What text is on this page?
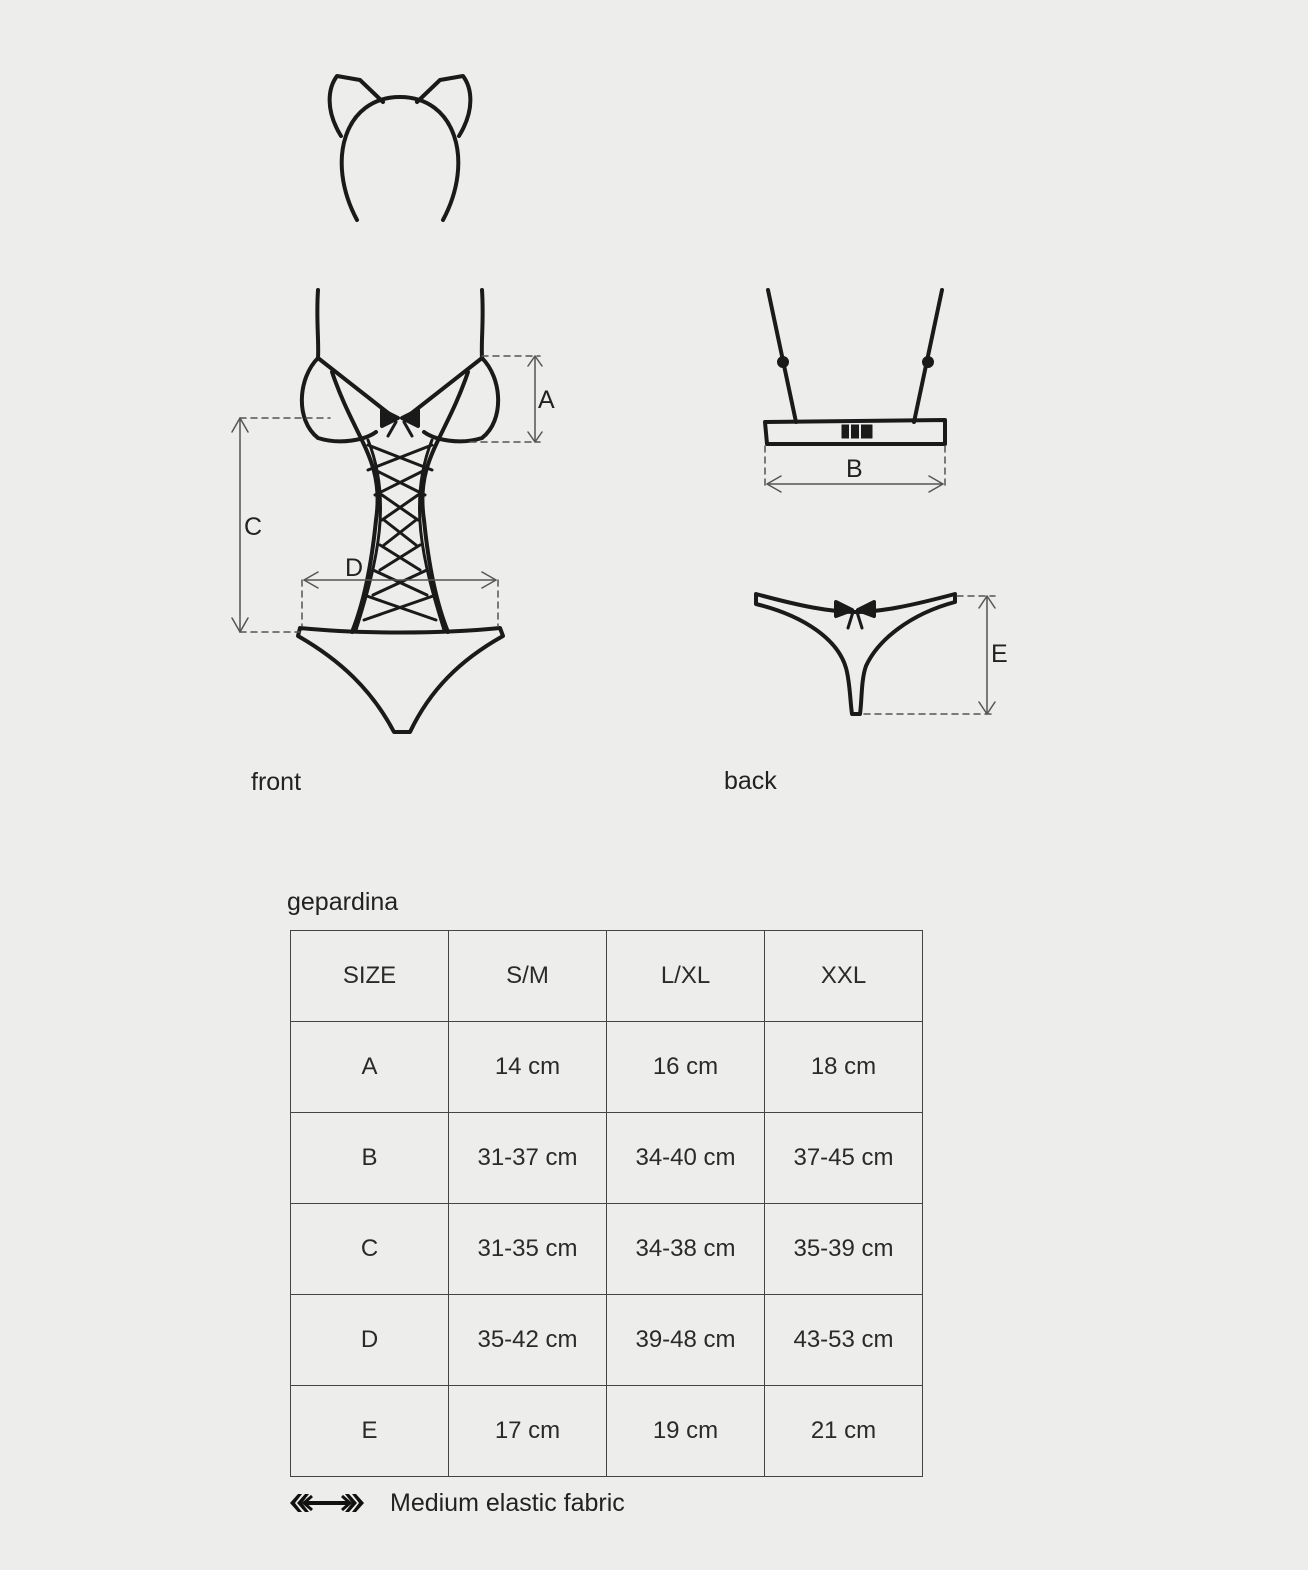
A
B
C
D
E
front	back
gepardina
SIZE	S/M	L/XL	XXL
A	14 cm	16 cm	18 cm
B	31-37 cm	34-40 cm	37-45 cm
C	31-35 cm	34-38 cm	35-39 cm
D	35-42 cm	39-48 cm	43-53 cm
E	17 cm	19 cm	21 cm
Medium elastic fabric
